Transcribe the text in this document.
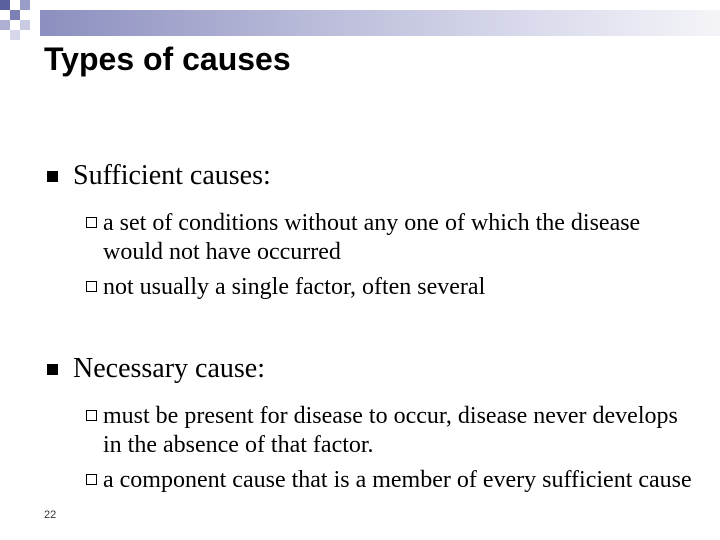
Types of causes
Sufficient causes:
a set of conditions without any one of which the disease would not have occurred
not usually a single factor, often several
Necessary cause:
must be present for disease to occur, disease never develops in the absence of that factor.
a component cause that is a member of every sufficient cause
22
